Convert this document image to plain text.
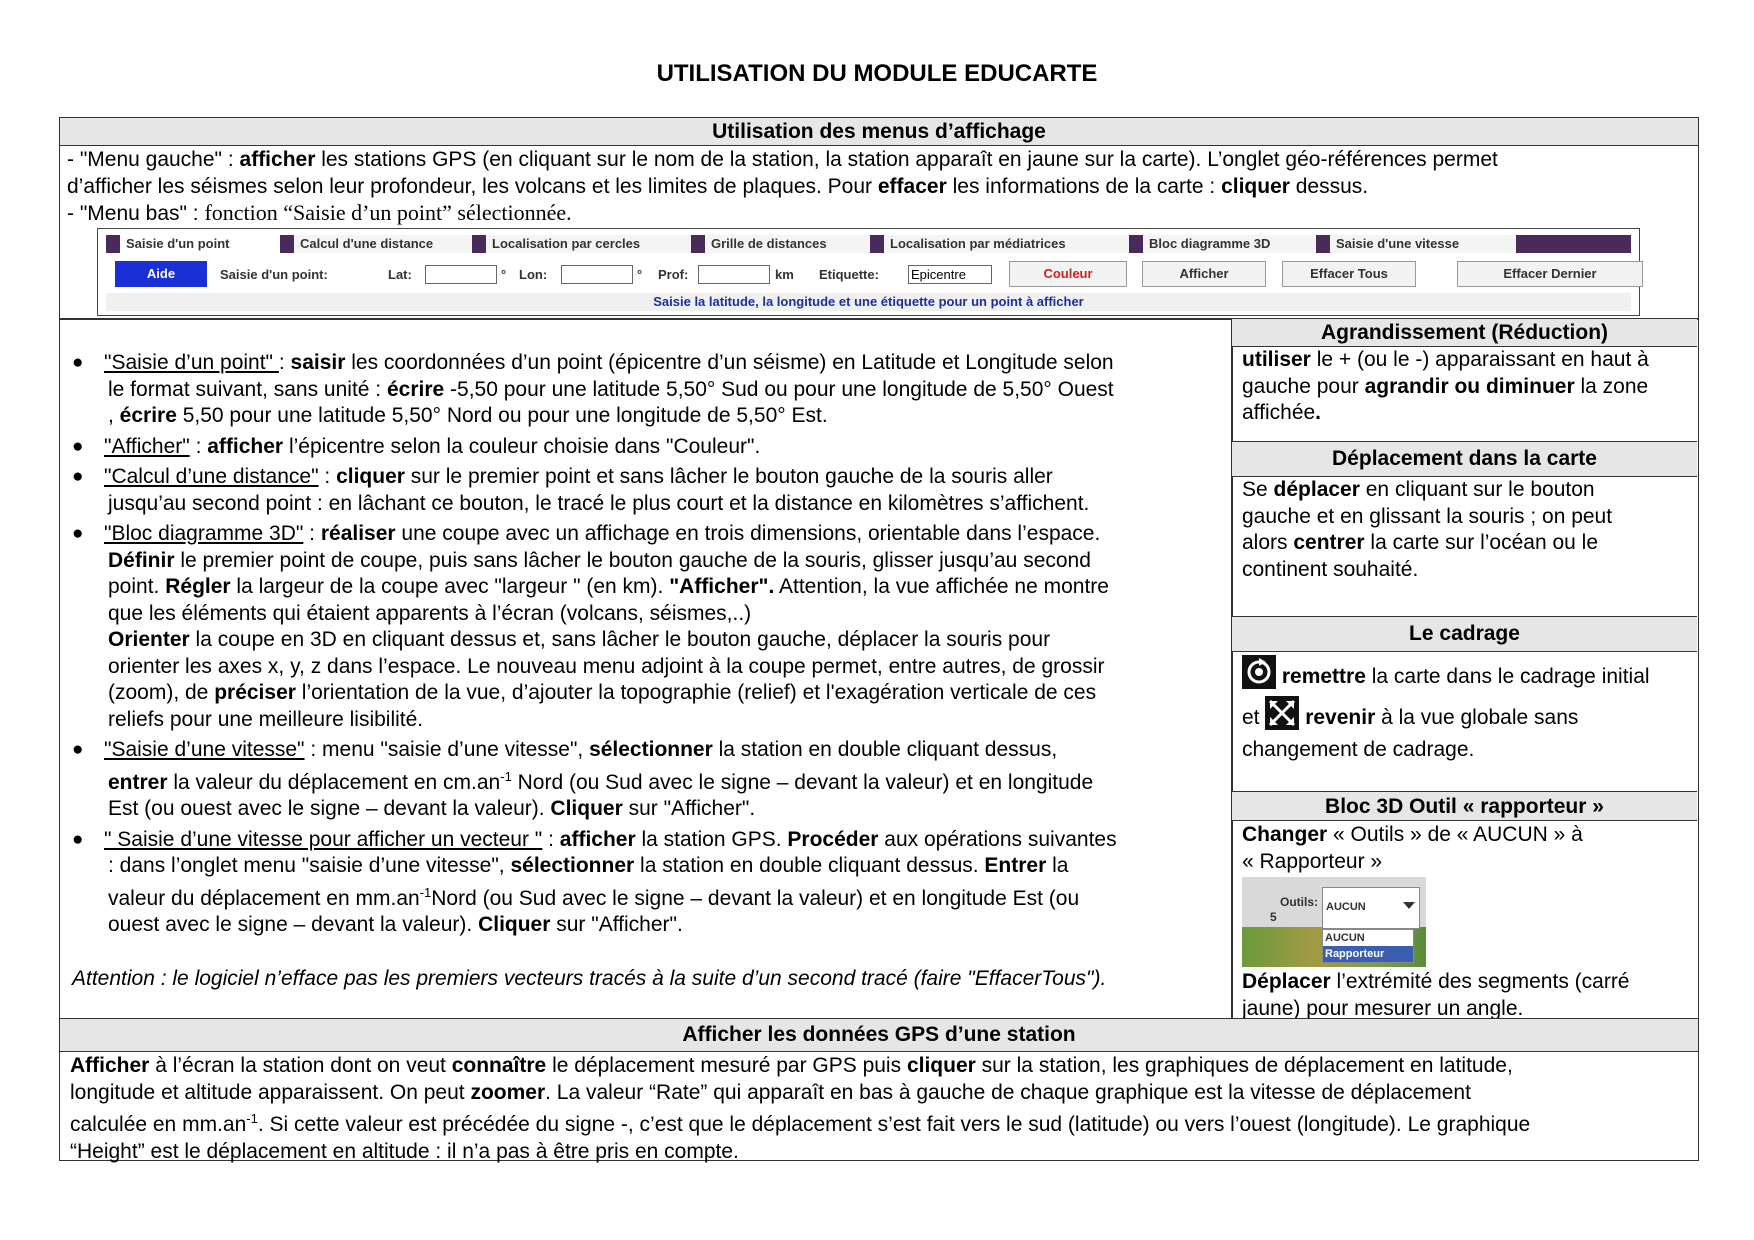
UTILISATION DU MODULE EDUCARTE
Utilisation des menus d’affichage
- "Menu gauche" : afficher les stations GPS (en cliquant sur le nom de la station, la station apparaît en jaune sur la carte). L’onglet géo-références permet
d’afficher les séismes selon leur profondeur, les volcans et les limites de plaques. Pour effacer les informations de la carte : cliquer dessus.
- "Menu bas" : fonction “Saisie d’un point” sélectionnée.
Saisie d'un point	Calcul d'une distance	Localisation par cercles	Grille de distances	Localisation par médiatrices	Bloc diagramme 3D	Saisie d'une vitesse
Aide	Saisie d'un point:	Lat:	° Lon:	° Prof:	km Etiquette: Epicentre	Couleur	Afficher	Effacer Tous	Effacer Dernier
Saisie la latitude, la longitude et une étiquette pour un point à afficher
● "Saisie d’un point" : saisir les coordonnées d’un point (épicentre d’un séisme) en Latitude et Longitude selon
le format suivant, sans unité : écrire -5,50 pour une latitude 5,50° Sud ou pour une longitude de 5,50° Ouest
, écrire 5,50 pour une latitude 5,50° Nord ou pour une longitude de 5,50° Est.
● "Afficher" : afficher l’épicentre selon la couleur choisie dans "Couleur".
● "Calcul d’une distance" : cliquer sur le premier point et sans lâcher le bouton gauche de la souris aller
jusqu’au second point : en lâchant ce bouton, le tracé le plus court et la distance en kilomètres s’affichent.
● "Bloc diagramme 3D" : réaliser une coupe avec un affichage en trois dimensions, orientable dans l’espace.
Définir le premier point de coupe, puis sans lâcher le bouton gauche de la souris, glisser jusqu’au second
point. Régler la largeur de la coupe avec "largeur " (en km). "Afficher". Attention, la vue affichée ne montre
que les éléments qui étaient apparents à l’écran (volcans, séismes,..)
Orienter la coupe en 3D en cliquant dessus et, sans lâcher le bouton gauche, déplacer la souris pour
orienter les axes x, y, z dans l’espace. Le nouveau menu adjoint à la coupe permet, entre autres, de grossir
(zoom), de préciser l’orientation de la vue, d’ajouter la topographie (relief) et l'exagération verticale de ces
reliefs pour une meilleure lisibilité.
● "Saisie d’une vitesse" : menu "saisie d’une vitesse", sélectionner la station en double cliquant dessus,
entrer la valeur du déplacement en $cm.an^{-1}$ Nord (ou Sud avec le signe – devant la valeur) et en longitude
Est (ou ouest avec le signe – devant la valeur). Cliquer sur "Afficher".
● " Saisie d’une vitesse pour afficher un vecteur " : afficher la station GPS. Procéder aux opérations suivantes
: dans l’onglet menu "saisie d’une vitesse", sélectionner la station en double cliquant dessus. Entrer la
valeur du déplacement en $mm.an^{-1}Nord$ (ou Sud avec le signe – devant la valeur) et en longitude Est (ou
ouest avec le signe – devant la valeur). Cliquer sur "Afficher".
Attention : le logiciel n’efface pas les premiers vecteurs tracés à la suite d’un second tracé (faire "EffacerTous").
Agrandissement (Réduction)
utiliser le + (ou le -) apparaissant en haut à
gauche pour agrandir ou diminuer la zone
affichée.
Déplacement dans la carte
Se déplacer en cliquant sur le bouton
gauche et en glissant la souris ; on peut
alors centrer la carte sur l’océan ou le
continent souhaité.
Le cadrage
remettre la carte dans le cadrage initial
et
revenir à la vue globale sans
changement de cadrage.
Bloc 3D Outil « rapporteur »
Changer « Outils » de « AUCUN » à
« Rapporteur »
5
Outils: AUCUN
AUCUN
Rapporteur
Déplacer l’extrémité des segments (carré
jaune) pour mesurer un angle.
Afficher les données GPS d’une station
Afficher à l’écran la station dont on veut connaître le déplacement mesuré par GPS puis cliquer sur la station, les graphiques de déplacement en latitude,
longitude et altitude apparaissent. On peut zoomer. La valeur “Rate” qui apparaît en bas à gauche de chaque graphique est la vitesse de déplacement
calculée en $mm.an^{-1}$. Si cette valeur est précédée du signe -, c’est que le déplacement s’est fait vers le sud (latitude) ou vers l’ouest (longitude). Le graphique
“Height” est le déplacement en altitude : il n’a pas à être pris en compte.
